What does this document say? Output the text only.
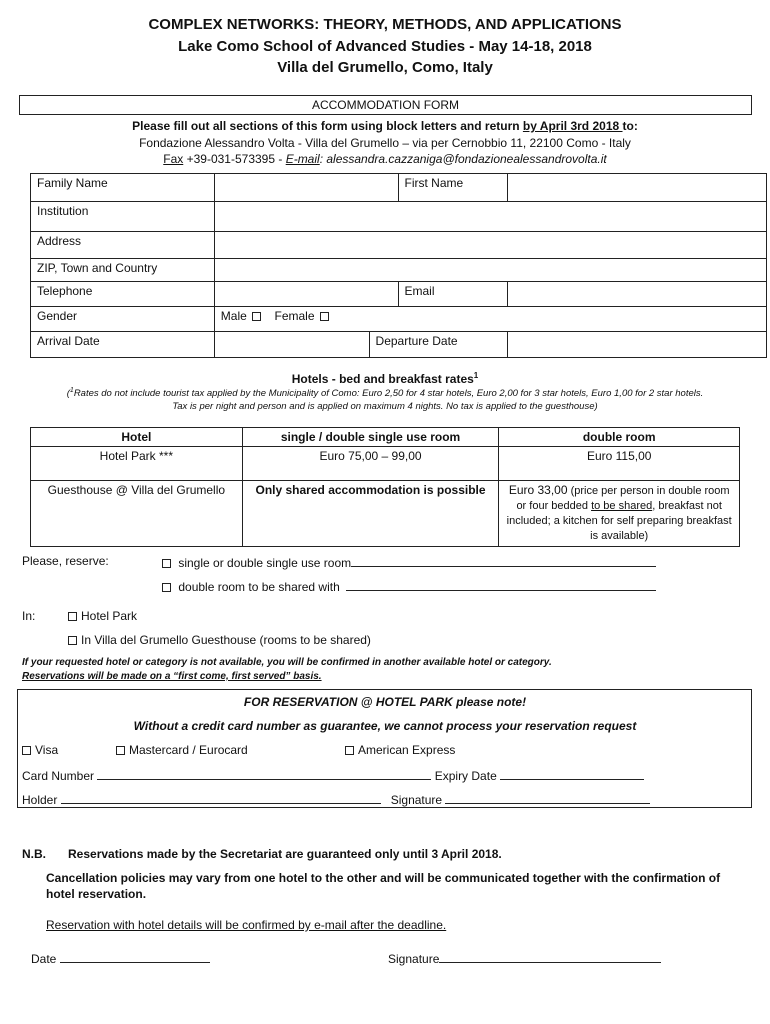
COMPLEX NETWORKS: THEORY, METHODS, AND APPLICATIONS
Lake Como School of Advanced Studies - May 14-18, 2018
Villa del Grumello, Como, Italy
ACCOMMODATION FORM
Please fill out all sections of this form using block letters and return by April 3rd 2018 to:
Fondazione Alessandro Volta - Villa del Grumello – via per Cernobbio 11, 22100 Como - Italy
Fax +39-031-573395 - E-mail: alessandra.cazzaniga@fondazionealessandrovolta.it
Family Name			First Name	
Institution				
Address				
ZIP, Town and Country				
Telephone			Email	
Gender	Male Female			
Arrival Date		Departure Date		
Hotels - bed and breakfast rates$^1$
($^1$Rates do not include tourist tax applied by the Municipality of Como: Euro 2,50 for 4 star hotels, Euro 2,00 for 3 star hotels, Euro 1,00 for 2 star hotels.
Tax is per night and person and is applied on maximum 4 nights. No tax is applied to the guesthouse)
Hotel	single / double single use room	double room
Hotel Park ***	Euro 75,00 – 99,00	Euro 115,00
Guesthouse @ Villa del Grumello	Only shared accommodation is possible	Euro 33,00 (price per person in double room or four bedded to be shared, breakfast not included; a kitchen for self preparing breakfast is available)
Please, reserve:	single or double single use room
double room to be shared with
In:	Hotel Park
In Villa del Grumello Guesthouse (rooms to be shared)
If your requested hotel or category is not available, you will be confirmed in another available hotel or category.
Reservations will be made on a “first come, first served” basis.
FOR RESERVATION @ HOTEL PARK please note!
Without a credit card number as guarantee, we cannot process your reservation request
Visa	Mastercard / Eurocard	American Express
Card Number	Expiry Date
Holder	Signature
N.B. Reservations made by the Secretariat are guaranteed only until 3 April 2018.
Cancellation policies may vary from one hotel to the other and will be communicated together with the confirmation of hotel reservation.
Reservation with hotel details will be confirmed by e-mail after the deadline.
Date	Signature
